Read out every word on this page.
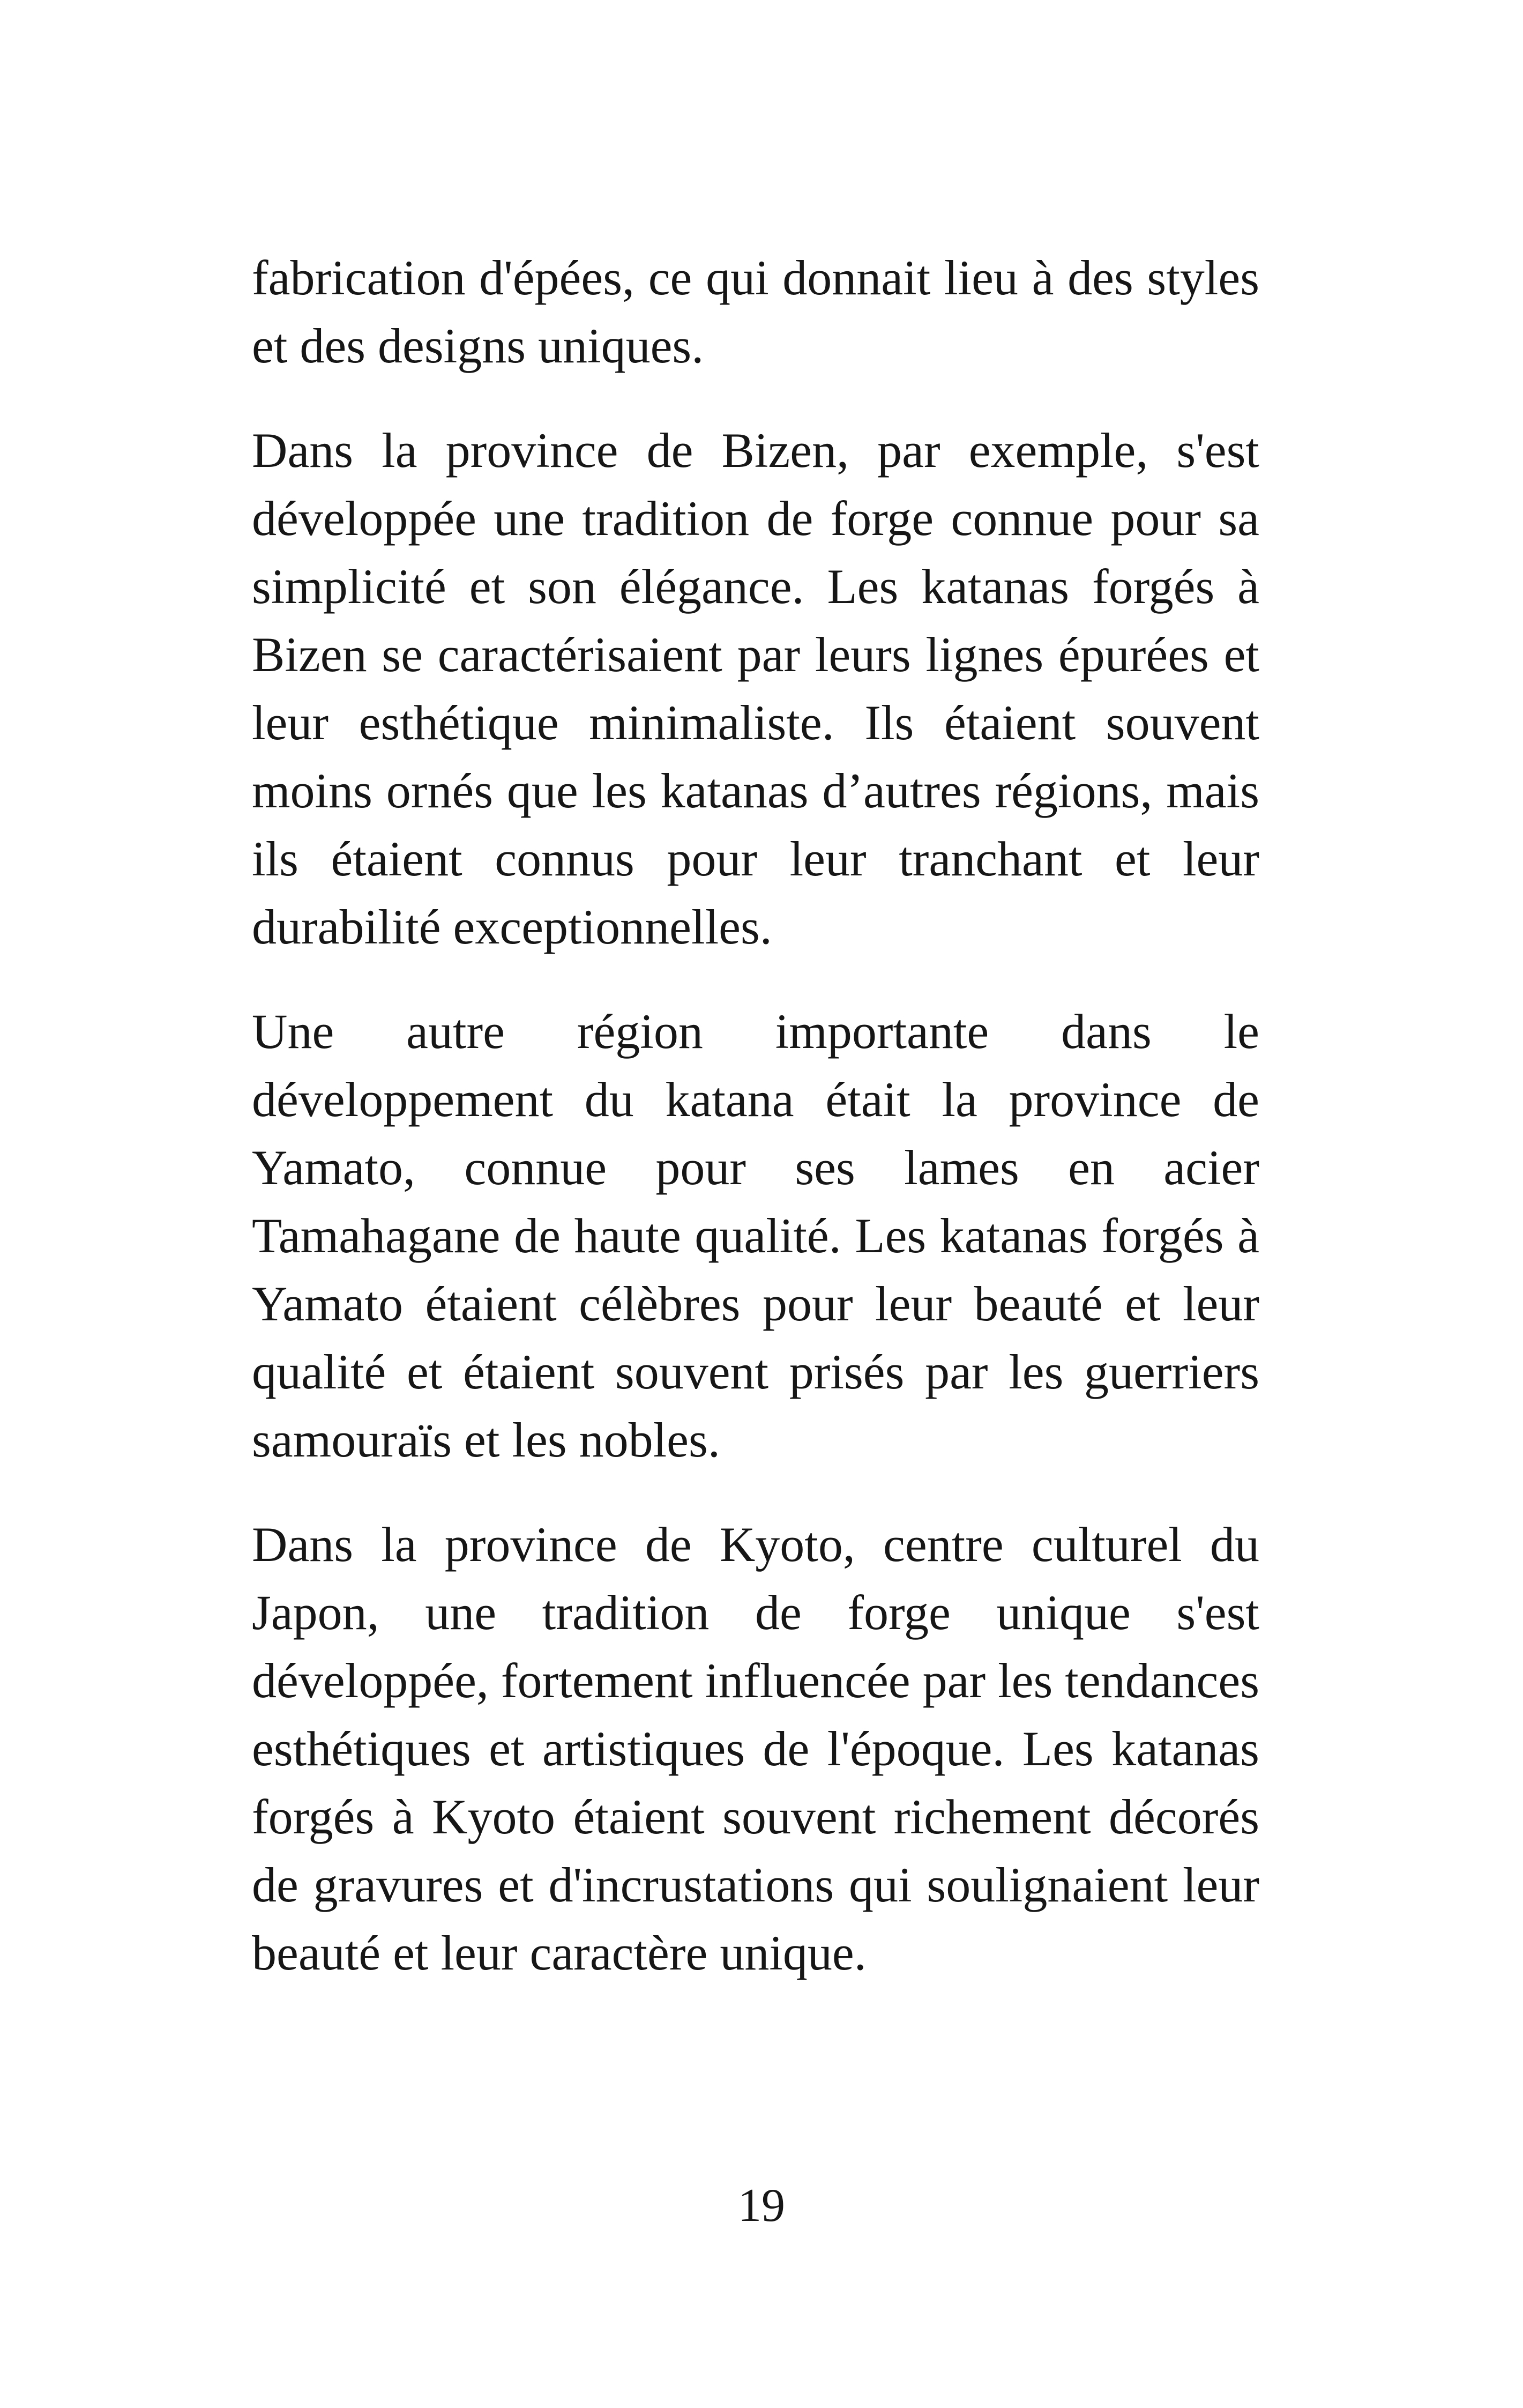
fabrication d'épées, ce qui donnait lieu à des styles et des designs uniques.

Dans la province de Bizen, par exemple, s'est développée une tradition de forge connue pour sa simplicité et son élégance. Les katanas forgés à Bizen se caractérisaient par leurs lignes épurées et leur esthétique minimaliste. Ils étaient souvent moins ornés que les katanas d’autres régions, mais ils étaient connus pour leur tranchant et leur durabilité exceptionnelles.

Une autre région importante dans le développement du katana était la province de Yamato, connue pour ses lames en acier Tamahagane de haute qualité. Les katanas forgés à Yamato étaient célèbres pour leur beauté et leur qualité et étaient souvent prisés par les guerriers samouraïs et les nobles.

Dans la province de Kyoto, centre culturel du Japon, une tradition de forge unique s'est développée, fortement influencée par les tendances esthétiques et artistiques de l'époque. Les katanas forgés à Kyoto étaient souvent richement décorés de gravures et d'incrustations qui soulignaient leur beauté et leur caractère unique.

19
